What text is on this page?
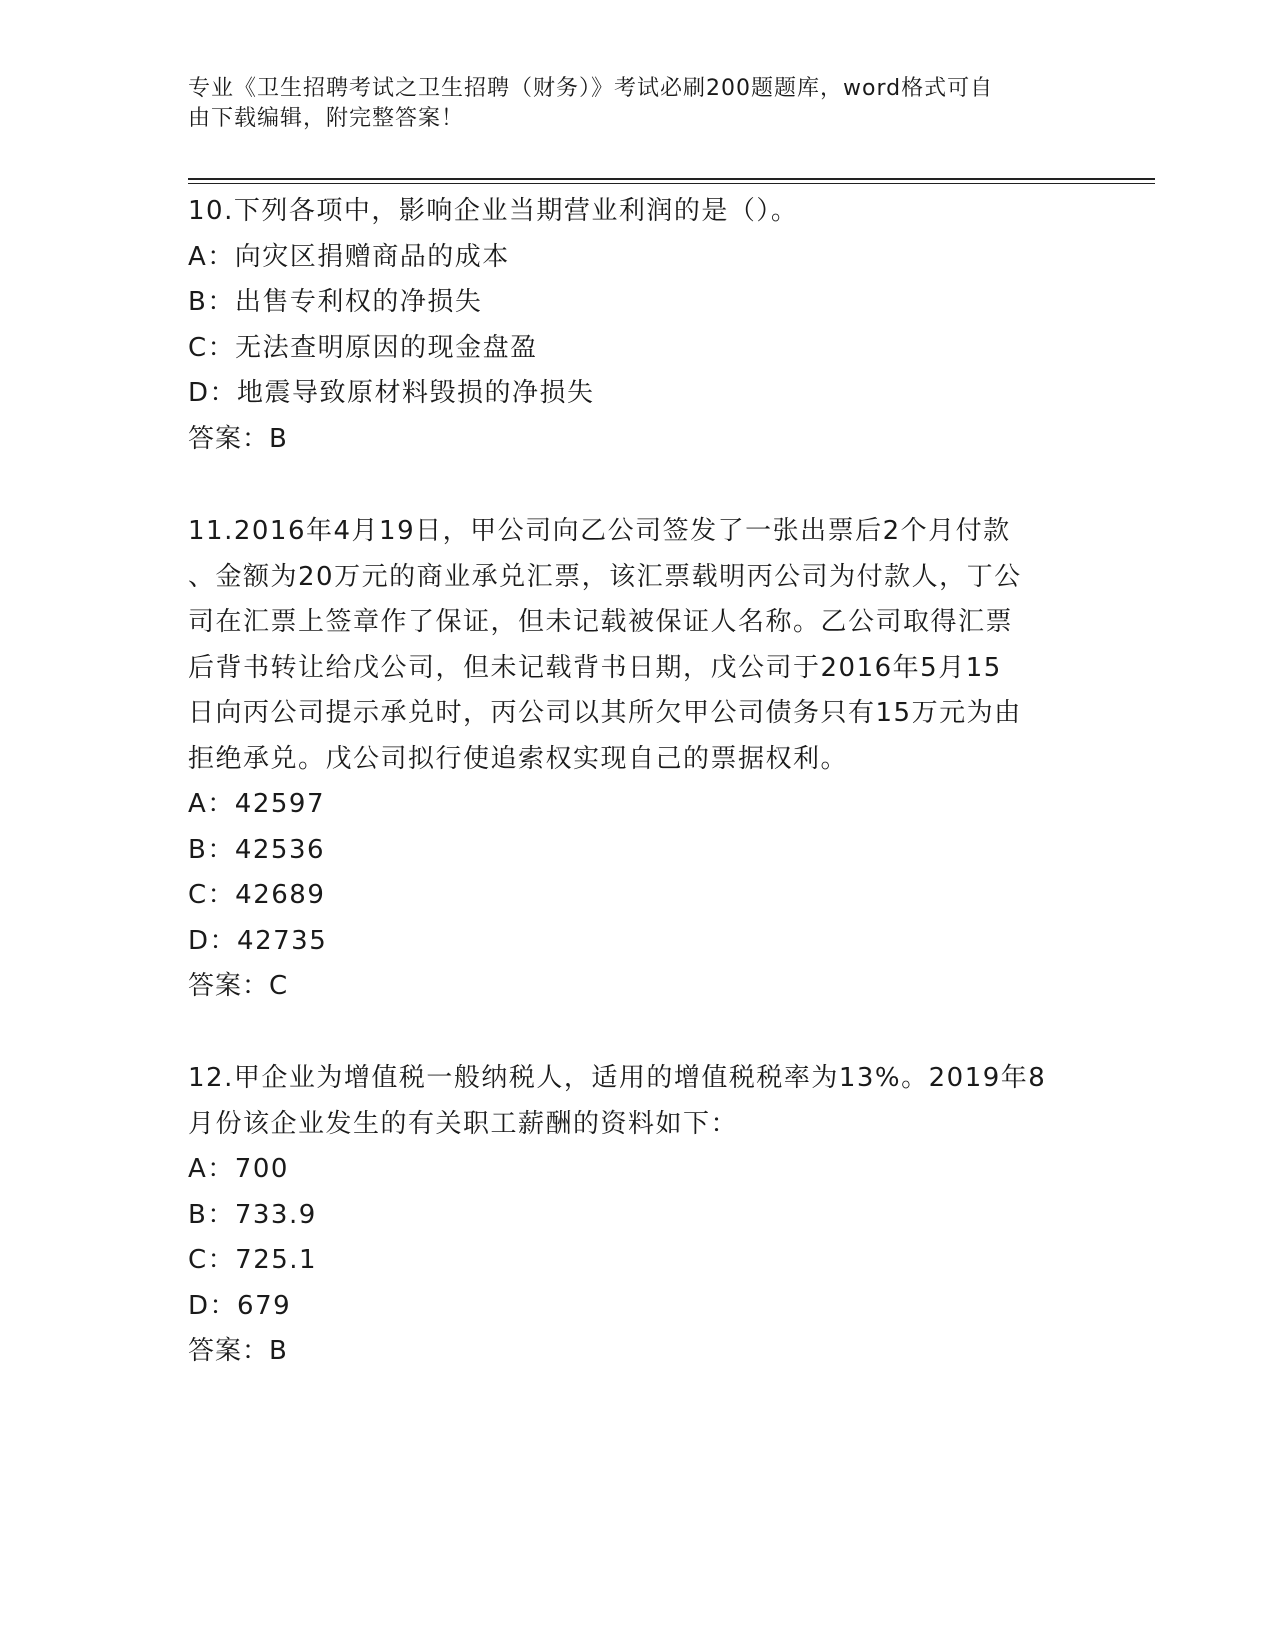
专业《卫生招聘考试之卫生招聘（财务）》考试必刷200题题库，word格式可自
由下载编辑，附完整答案！

10.下列各项中，影响企业当期营业利润的是（）。

A：向灾区捐赠商品的成本

B：出售专利权的净损失

C：无法查明原因的现金盘盈

D：地震导致原材料毁损的净损失

答案：B

11.2016年4月19日，甲公司向乙公司签发了一张出票后2个月付款

、金额为20万元的商业承兑汇票，该汇票载明丙公司为付款人，丁公

司在汇票上签章作了保证，但未记载被保证人名称。乙公司取得汇票

后背书转让给戊公司，但未记载背书日期，戊公司于2016年5月15

日向丙公司提示承兑时，丙公司以其所欠甲公司债务只有15万元为由

拒绝承兑。戊公司拟行使追索权实现自己的票据权利。

A：42597

B：42536

C：42689

D：42735

答案：C

12.甲企业为增值税一般纳税人，适用的增值税税率为13%。2019年8

月份该企业发生的有关职工薪酬的资料如下：

A：700

B：733.9

C：725.1

D：679

答案：B
